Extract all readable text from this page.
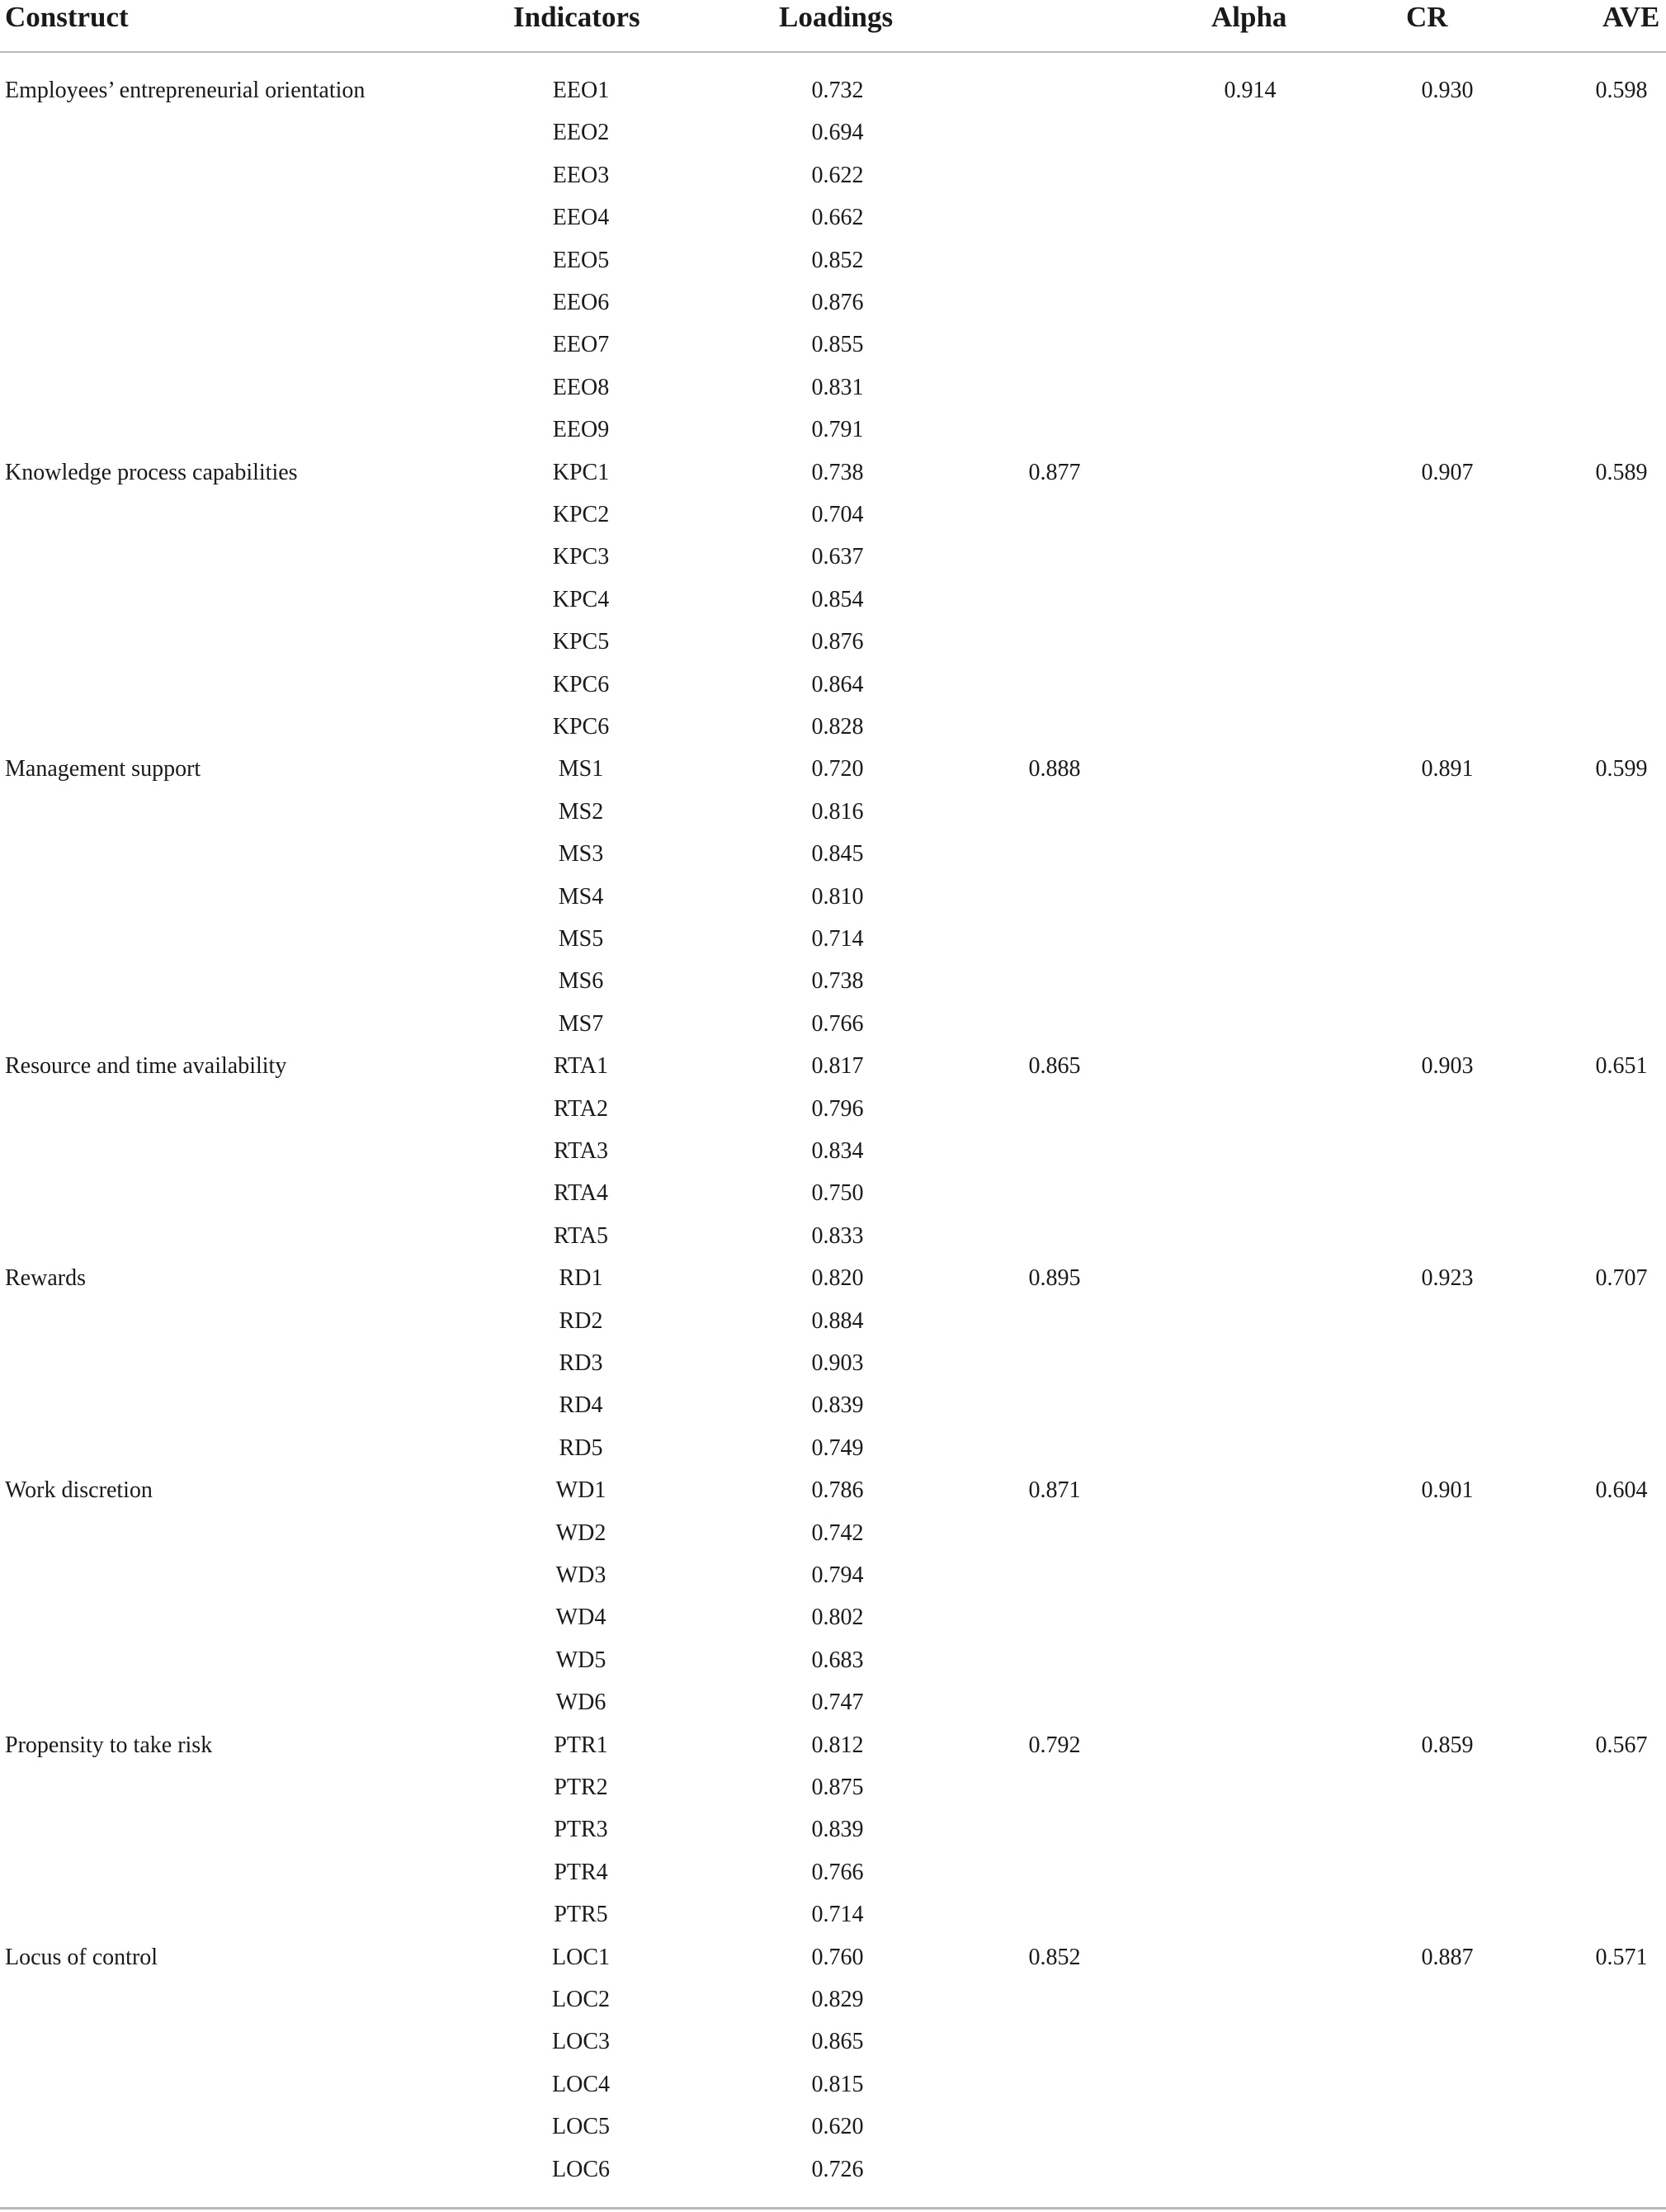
Construct	Indicators	Loadings	Alpha	CR	AVE
Employees’ entrepreneurial orientation	EEO1	0.732	0.914	0.930	0.598
EEO2	0.694
EEO3	0.622
EEO4	0.662
EEO5	0.852
EEO6	0.876
EEO7	0.855
EEO8	0.831
EEO9	0.791
Knowledge process capabilities	KPC1	0.738	0.877	0.907	0.589
KPC2	0.704
KPC3	0.637
KPC4	0.854
KPC5	0.876
KPC6	0.864
KPC6	0.828
Management support	MS1	0.720	0.888	0.891	0.599
MS2	0.816
MS3	0.845
MS4	0.810
MS5	0.714
MS6	0.738
MS7	0.766
Resource and time availability	RTA1	0.817	0.865	0.903	0.651
RTA2	0.796
RTA3	0.834
RTA4	0.750
RTA5	0.833
Rewards	RD1	0.820	0.895	0.923	0.707
RD2	0.884
RD3	0.903
RD4	0.839
RD5	0.749
Work discretion	WD1	0.786	0.871	0.901	0.604
WD2	0.742
WD3	0.794
WD4	0.802
WD5	0.683
WD6	0.747
Propensity to take risk	PTR1	0.812	0.792	0.859	0.567
PTR2	0.875
PTR3	0.839
PTR4	0.766
PTR5	0.714
Locus of control	LOC1	0.760	0.852	0.887	0.571
LOC2	0.829
LOC3	0.865
LOC4	0.815
LOC5	0.620
LOC6	0.726
